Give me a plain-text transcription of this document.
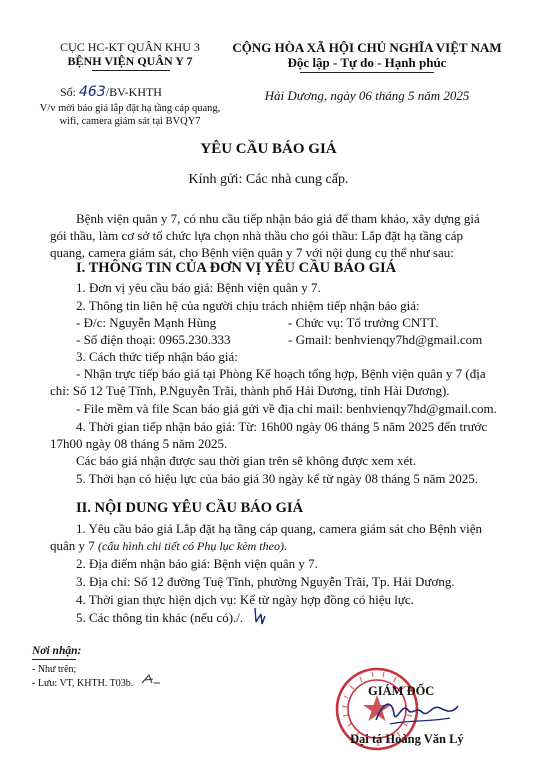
CỤC HC-KT QUÂN KHU 3
BỆNH VIỆN QUÂN Y 7
Số: 463/BV-KHTH
V/v mời báo giá lắp đặt hạ tầng cáp quang,
wifi, camera giám sát tại BVQY7
CỘNG HÒA XÃ HỘI CHỦ NGHĨA VIỆT NAM
Độc lập - Tự do - Hạnh phúc
Hải Dương, ngày 06 tháng 5 năm 2025
YÊU CẦU BÁO GIÁ
Kính gửi: Các nhà cung cấp.
Bệnh viện quân y 7, có nhu cầu tiếp nhận báo giá để tham khảo, xây dựng giá
gói thầu, làm cơ sở tổ chức lựa chọn nhà thầu cho gói thầu: Lắp đặt hạ tầng cáp
quang, camera giám sát, cho Bệnh viện quân y 7 với nội dung cụ thể như sau:
I. THÔNG TIN CỦA ĐƠN VỊ YÊU CẦU BÁO GIÁ
1. Đơn vị yêu cầu báo giá: Bệnh viện quân y 7.
2. Thông tin liên hệ của người chịu trách nhiệm tiếp nhận báo giá:
- Đ/c: Nguyễn Mạnh Hùng	- Chức vụ: Tổ trưởng CNTT.
- Số điện thoại: 0965.230.333	- Gmail: benhvienqy7hd@gmail.com
3. Cách thức tiếp nhận báo giá:
- Nhận trực tiếp báo giá tại Phòng Kế hoạch tổng hợp, Bệnh viện quân y 7 (địa
chỉ: Số 12 Tuệ Tĩnh, P.Nguyễn Trãi, thành phố Hải Dương, tỉnh Hải Dương).
- File mềm và file Scan báo giá gửi về địa chỉ mail: benhvienqy7hd@gmail.com.
4. Thời gian tiếp nhận báo giá: Từ: 16h00 ngày 06 tháng 5 năm 2025 đến trước
17h00 ngày 08 tháng 5 năm 2025.
Các báo giá nhận được sau thời gian trên sẽ không được xem xét.
5. Thời hạn có hiệu lực của báo giá 30 ngày kể từ ngày 08 tháng 5 năm 2025.
II. NỘI DUNG YÊU CẦU BÁO GIÁ
1. Yêu cầu báo giá Lắp đặt hạ tầng cáp quang, camera giám sát cho Bệnh viện
quân y 7 (cấu hình chi tiết có Phụ lục kèm theo).
2. Địa điểm nhận báo giá: Bệnh viện quân y 7.
3. Địa chỉ: Số 12 đường Tuệ Tĩnh, phường Nguyễn Trãi, Tp. Hải Dương.
4. Thời gian thực hiện dịch vụ: Kể từ ngày hợp đồng có hiệu lực.
5. Các thông tin khác (nếu có)./.
Nơi nhận:
- Như trên;
- Lưu: VT, KHTH. T03b.
GIÁM ĐỐC
Đại tá Hoàng Văn Lý
